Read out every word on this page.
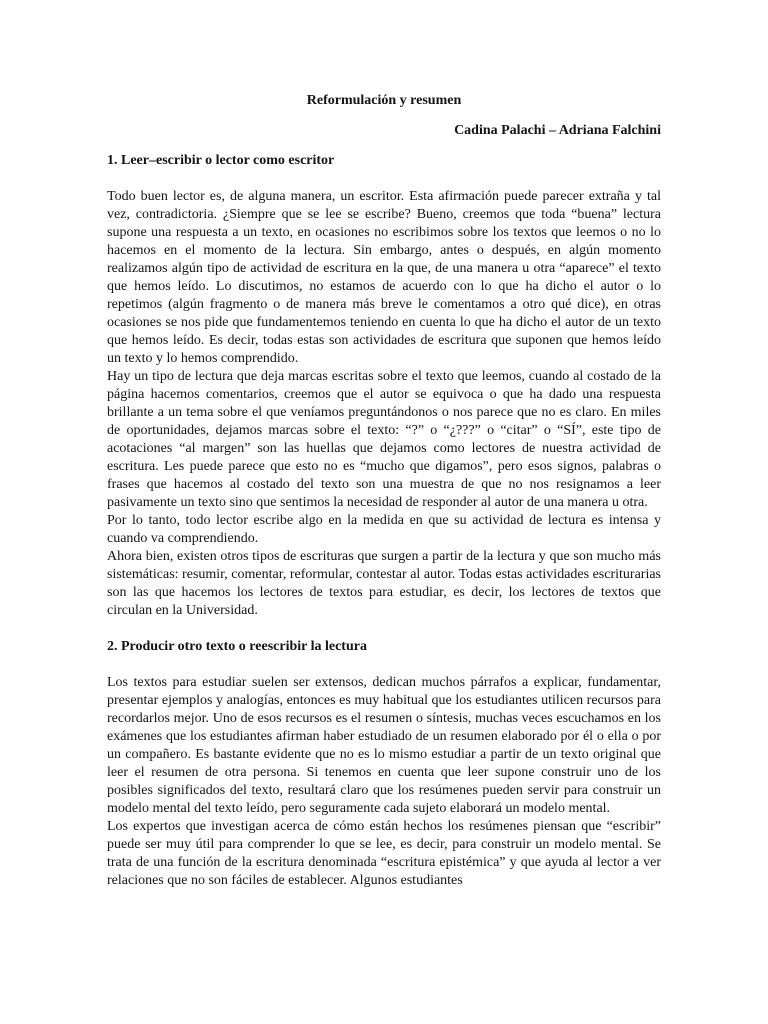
Reformulación y resumen
Cadina Palachi – Adriana Falchini
1. Leer–escribir o lector como escritor

Todo buen lector es, de alguna manera, un escritor. Esta afirmación puede parecer extraña y tal vez, contradictoria. ¿Siempre que se lee se escribe? Bueno, creemos que toda “buena” lectura supone una respuesta a un texto, en ocasiones no escribimos sobre los textos que leemos o no lo hacemos en el momento de la lectura. Sin embargo, antes o después, en algún momento realizamos algún tipo de actividad de escritura en la que, de una manera u otra “aparece” el texto que hemos leído. Lo discutimos, no estamos de acuerdo con lo que ha dicho el autor o lo repetimos (algún fragmento o de manera más breve le comentamos a otro qué dice), en otras ocasiones se nos pide que fundamentemos teniendo en cuenta lo que ha dicho el autor de un texto que hemos leído. Es decir, todas estas son actividades de escritura que suponen que hemos leído un texto y lo hemos comprendido.

Hay un tipo de lectura que deja marcas escritas sobre el texto que leemos, cuando al costado de la página hacemos comentarios, creemos que el autor se equivoca o que ha dado una respuesta brillante a un tema sobre el que veníamos preguntándonos o nos parece que no es claro. En miles de oportunidades, dejamos marcas sobre el texto: “?” o “¿???” o “citar” o “SÍ”, este tipo de acotaciones “al margen” son las huellas que dejamos como lectores de nuestra actividad de escritura. Les puede parece que esto no es “mucho que digamos”, pero esos signos, palabras o frases que hacemos al costado del texto son una muestra de que no nos resignamos a leer pasivamente un texto sino que sentimos la necesidad de responder al autor de una manera u otra.

Por lo tanto, todo lector escribe algo en la medida en que su actividad de lectura es intensa y cuando va comprendiendo.

Ahora bien, existen otros tipos de escrituras que surgen a partir de la lectura y que son mucho más sistemáticas: resumir, comentar, reformular, contestar al autor. Todas estas actividades escriturarias son las que hacemos los lectores de textos para estudiar, es decir, los lectores de textos que circulan en la Universidad.

2. Producir otro texto o reescribir la lectura

Los textos para estudiar suelen ser extensos, dedican muchos párrafos a explicar, fundamentar, presentar ejemplos y analogías, entonces es muy habitual que los estudiantes utilicen recursos para recordarlos mejor. Uno de esos recursos es el resumen o síntesis, muchas veces escuchamos en los exámenes que los estudiantes afirman haber estudiado de un resumen elaborado por él o ella o por un compañero. Es bastante evidente que no es lo mismo estudiar a partir de un texto original que leer el resumen de otra persona. Si tenemos en cuenta que leer supone construir uno de los posibles significados del texto, resultará claro que los resúmenes pueden servir para construir un modelo mental del texto leído, pero seguramente cada sujeto elaborará un modelo mental.

Los expertos que investigan acerca de cómo están hechos los resúmenes piensan que “escribir” puede ser muy útil para comprender lo que se lee, es decir, para construir un modelo mental. Se trata de una función de la escritura denominada “escritura epistémica” y que ayuda al lector a ver relaciones que no son fáciles de establecer. Algunos estudiantes
